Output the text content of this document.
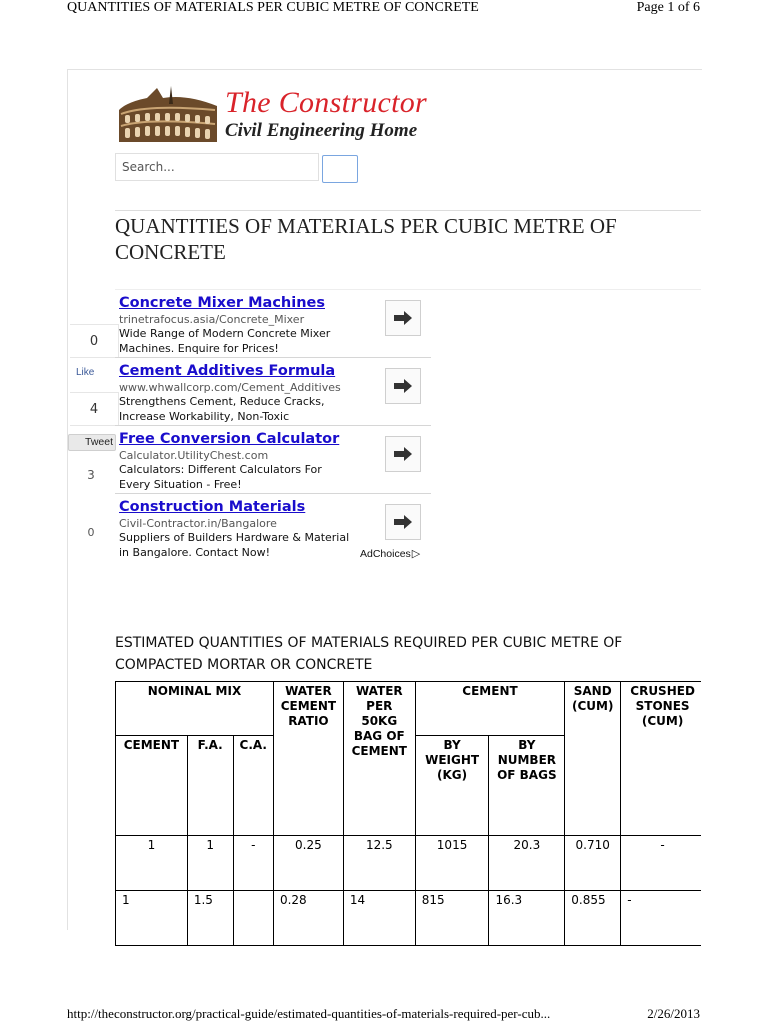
QUANTITIES OF MATERIALS PER CUBIC METRE OF CONCRETE	Page 1 of 6
The Constructor
Civil Engineering Home
Search...
QUANTITIES OF MATERIALS PER CUBIC METRE OF CONCRETE
0
Like
4
Tweet
3
0
Concrete Mixer Machines
trinetrafocus.asia/Concrete_Mixer
Wide Range of Modern Concrete Mixer Machines. Enquire for Prices!
Cement Additives Formula
www.whwallcorp.com/Cement_Additives
Strengthens Cement, Reduce Cracks, Increase Workability, Non-Toxic
Free Conversion Calculator
Calculator.UtilityChest.com
Calculators: Different Calculators For Every Situation - Free!
Construction Materials
Civil-Contractor.in/Bangalore
Suppliers of Builders Hardware & Material in Bangalore. Contact Now!	AdChoices▷
ESTIMATED QUANTITIES OF MATERIALS REQUIRED PER CUBIC METRE OF COMPACTED MORTAR OR CONCRETE
NOMINAL MIX			WATER CEMENT RATIO	WATER PER 50KG BAG OF CEMENT	CEMENT		SAND (CUM)	CRUSHED STONES (CUM)
CEMENT	F.A.	C.A.			BY WEIGHT (KG)	BY NUMBER OF BAGS		
1	1	-	0.25	12.5	1015	20.3	0.710	-
1	1.5		0.28	14	815	16.3	0.855	-
http://theconstructor.org/practical-guide/estimated-quantities-of-materials-required-per-cub...	2/26/2013
